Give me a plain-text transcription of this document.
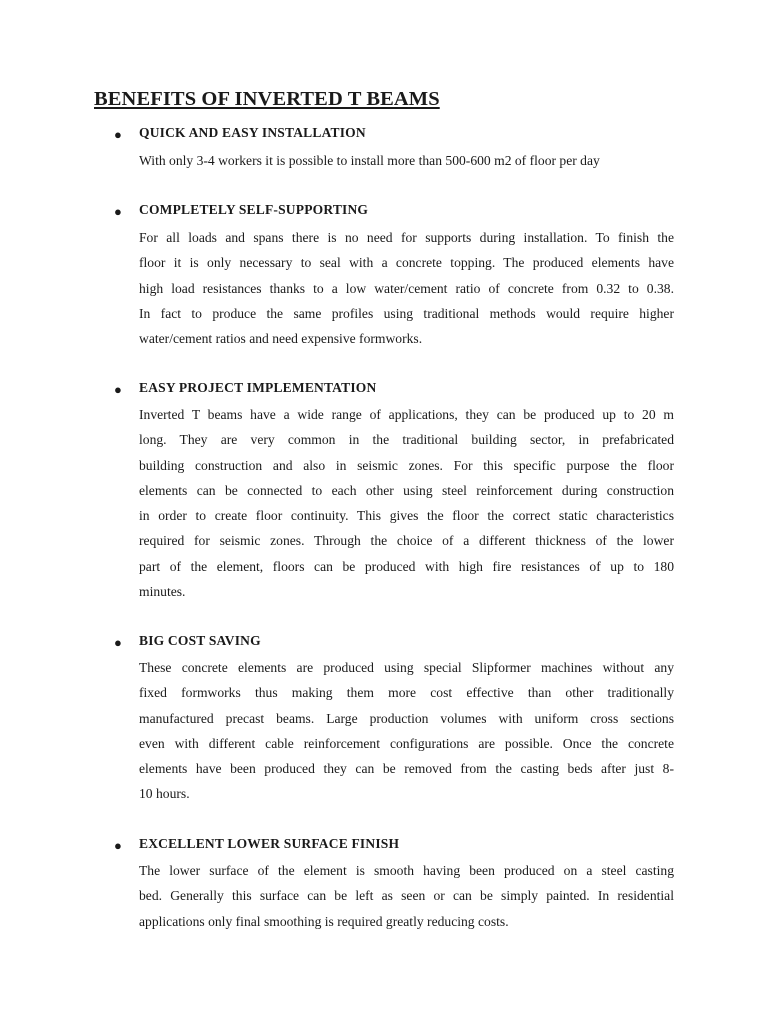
BENEFITS OF INVERTED T BEAMS
● QUICK AND EASY INSTALLATION

With only 3-4 workers it is possible to install more than 500-600 m2 of floor per day

● COMPLETELY SELF-SUPPORTING

For all loads and spans there is no need for supports during installation. To finish the
floor it is only necessary to seal with a concrete topping. The produced elements have
high load resistances thanks to a low water/cement ratio of concrete from 0.32 to 0.38.
In fact to produce the same profiles using traditional methods would require higher
water/cement ratios and need expensive formworks.

● EASY PROJECT IMPLEMENTATION

Inverted T beams have a wide range of applications, they can be produced up to 20 m
long. They are very common in the traditional building sector, in prefabricated
building construction and also in seismic zones. For this specific purpose the floor
elements can be connected to each other using steel reinforcement during construction
in order to create floor continuity. This gives the floor the correct static characteristics
required for seismic zones. Through the choice of a different thickness of the lower
part of the element, floors can be produced with high fire resistances of up to 180
minutes.

● BIG COST SAVING

These concrete elements are produced using special Slipformer machines without any
fixed formworks thus making them more cost effective than other traditionally
manufactured precast beams. Large production volumes with uniform cross sections
even with different cable reinforcement configurations are possible. Once the concrete
elements have been produced they can be removed from the casting beds after just 8-
10 hours.

● EXCELLENT LOWER SURFACE FINISH

The lower surface of the element is smooth having been produced on a steel casting
bed. Generally this surface can be left as seen or can be simply painted. In residential
applications only final smoothing is required greatly reducing costs.
